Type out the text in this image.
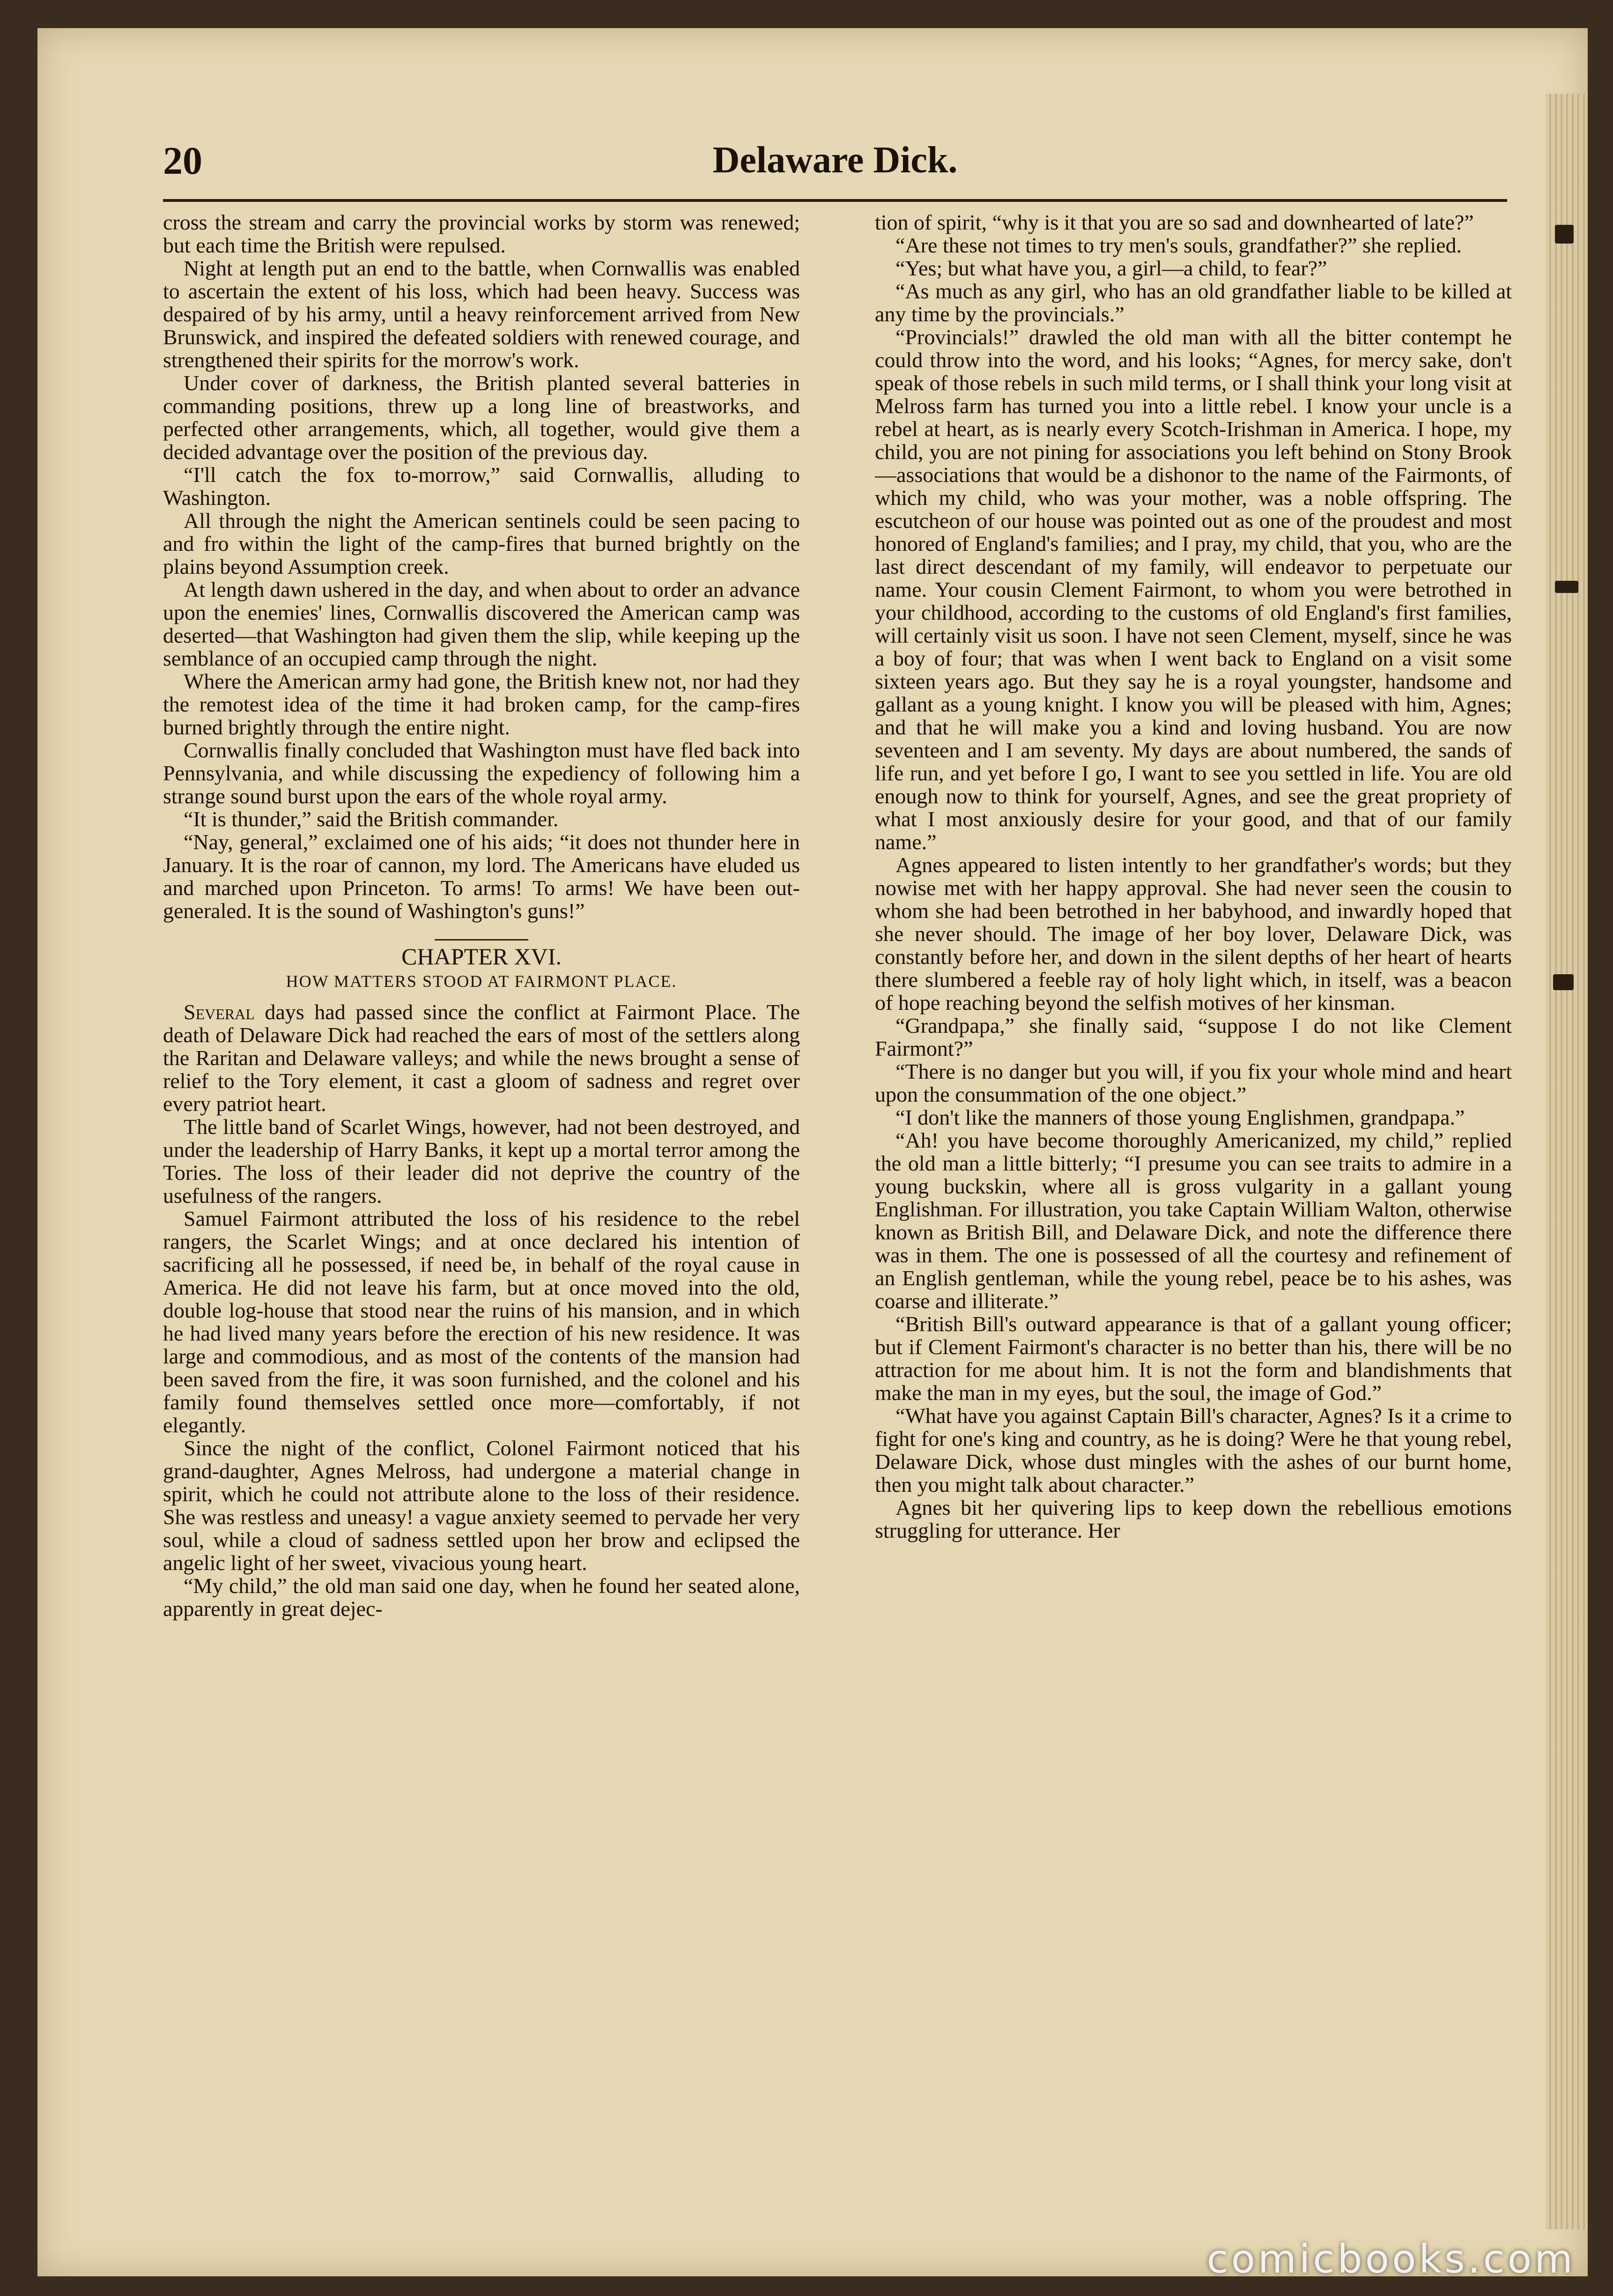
20	Delaware Dick.

cross the stream and carry the provincial works by storm was renewed; but each time the British were repulsed.

Night at length put an end to the battle, when Cornwallis was enabled to ascertain the extent of his loss, which had been heavy. Success was despaired of by his army, until a heavy reinforcement arrived from New Brunswick, and inspired the defeated soldiers with renewed courage, and strengthened their spirits for the morrow's work.

Under cover of darkness, the British planted several batteries in commanding positions, threw up a long line of breastworks, and perfected other arrangements, which, all together, would give them a decided advantage over the position of the previous day.

“I'll catch the fox to-morrow,” said Cornwallis, alluding to Washington.

All through the night the American sentinels could be seen pacing to and fro within the light of the camp-fires that burned brightly on the plains beyond Assumption creek.

At length dawn ushered in the day, and when about to order an advance upon the enemies' lines, Cornwallis discovered the American camp was deserted—that Washington had given them the slip, while keeping up the semblance of an occupied camp through the night.

Where the American army had gone, the British knew not, nor had they the remotest idea of the time it had broken camp, for the camp-fires burned brightly through the entire night.

Cornwallis finally concluded that Washington must have fled back into Pennsylvania, and while discussing the expediency of following him a strange sound burst upon the ears of the whole royal army.

“It is thunder,” said the British commander.

“Nay, general,” exclaimed one of his aids; “it does not thunder here in January. It is the roar of cannon, my lord. The Americans have eluded us and marched upon Princeton. To arms! To arms! We have been out-generaled. It is the sound of Washington's guns!”

CHAPTER XVI.
HOW MATTERS STOOD AT FAIRMONT PLACE.

Several days had passed since the conflict at Fairmont Place. The death of Delaware Dick had reached the ears of most of the settlers along the Raritan and Delaware valleys; and while the news brought a sense of relief to the Tory element, it cast a gloom of sadness and regret over every patriot heart.

The little band of Scarlet Wings, however, had not been destroyed, and under the leadership of Harry Banks, it kept up a mortal terror among the Tories. The loss of their leader did not deprive the country of the usefulness of the rangers.

Samuel Fairmont attributed the loss of his residence to the rebel rangers, the Scarlet Wings; and at once declared his intention of sacrificing all he possessed, if need be, in behalf of the royal cause in America. He did not leave his farm, but at once moved into the old, double log-house that stood near the ruins of his mansion, and in which he had lived many years before the erection of his new residence. It was large and commodious, and as most of the contents of the mansion had been saved from the fire, it was soon furnished, and the colonel and his family found themselves settled once more—comfortably, if not elegantly.

Since the night of the conflict, Colonel Fairmont noticed that his grand-daughter, Agnes Melross, had undergone a material change in spirit, which he could not attribute alone to the loss of their residence. She was restless and uneasy! a vague anxiety seemed to pervade her very soul, while a cloud of sadness settled upon her brow and eclipsed the angelic light of her sweet, vivacious young heart.

“My child,” the old man said one day, when he found her seated alone, apparently in great dejec-

tion of spirit, “why is it that you are so sad and downhearted of late?”

“Are these not times to try men's souls, grandfather?” she replied.

“Yes; but what have you, a girl—a child, to fear?”

“As much as any girl, who has an old grandfather liable to be killed at any time by the provincials.”

“Provincials!” drawled the old man with all the bitter contempt he could throw into the word, and his looks; “Agnes, for mercy sake, don't speak of those rebels in such mild terms, or I shall think your long visit at Melross farm has turned you into a little rebel. I know your uncle is a rebel at heart, as is nearly every Scotch-Irishman in America. I hope, my child, you are not pining for associations you left behind on Stony Brook—associations that would be a dishonor to the name of the Fairmonts, of which my child, who was your mother, was a noble offspring. The escutcheon of our house was pointed out as one of the proudest and most honored of England's families; and I pray, my child, that you, who are the last direct descendant of my family, will endeavor to perpetuate our name. Your cousin Clement Fairmont, to whom you were betrothed in your childhood, according to the customs of old England's first families, will certainly visit us soon. I have not seen Clement, myself, since he was a boy of four; that was when I went back to England on a visit some sixteen years ago. But they say he is a royal youngster, handsome and gallant as a young knight. I know you will be pleased with him, Agnes; and that he will make you a kind and loving husband. You are now seventeen and I am seventy. My days are about numbered, the sands of life run, and yet before I go, I want to see you settled in life. You are old enough now to think for yourself, Agnes, and see the great propriety of what I most anxiously desire for your good, and that of our family name.”

Agnes appeared to listen intently to her grandfather's words; but they nowise met with her happy approval. She had never seen the cousin to whom she had been betrothed in her babyhood, and inwardly hoped that she never should. The image of her boy lover, Delaware Dick, was constantly before her, and down in the silent depths of her heart of hearts there slumbered a feeble ray of holy light which, in itself, was a beacon of hope reaching beyond the selfish motives of her kinsman.

“Grandpapa,” she finally said, “suppose I do not like Clement Fairmont?”

“There is no danger but you will, if you fix your whole mind and heart upon the consummation of the one object.”

“I don't like the manners of those young Englishmen, grandpapa.”

“Ah! you have become thoroughly Americanized, my child,” replied the old man a little bitterly; “I presume you can see traits to admire in a young buckskin, where all is gross vulgarity in a gallant young Englishman. For illustration, you take Captain William Walton, otherwise known as British Bill, and Delaware Dick, and note the difference there was in them. The one is possessed of all the courtesy and refinement of an English gentleman, while the young rebel, peace be to his ashes, was coarse and illiterate.”

“British Bill's outward appearance is that of a gallant young officer; but if Clement Fairmont's character is no better than his, there will be no attraction for me about him. It is not the form and blandishments that make the man in my eyes, but the soul, the image of God.”

“What have you against Captain Bill's character, Agnes? Is it a crime to fight for one's king and country, as he is doing? Were he that young rebel, Delaware Dick, whose dust mingles with the ashes of our burnt home, then you might talk about character.”

Agnes bit her quivering lips to keep down the rebellious emotions struggling for utterance. Her

comicbooks.com
